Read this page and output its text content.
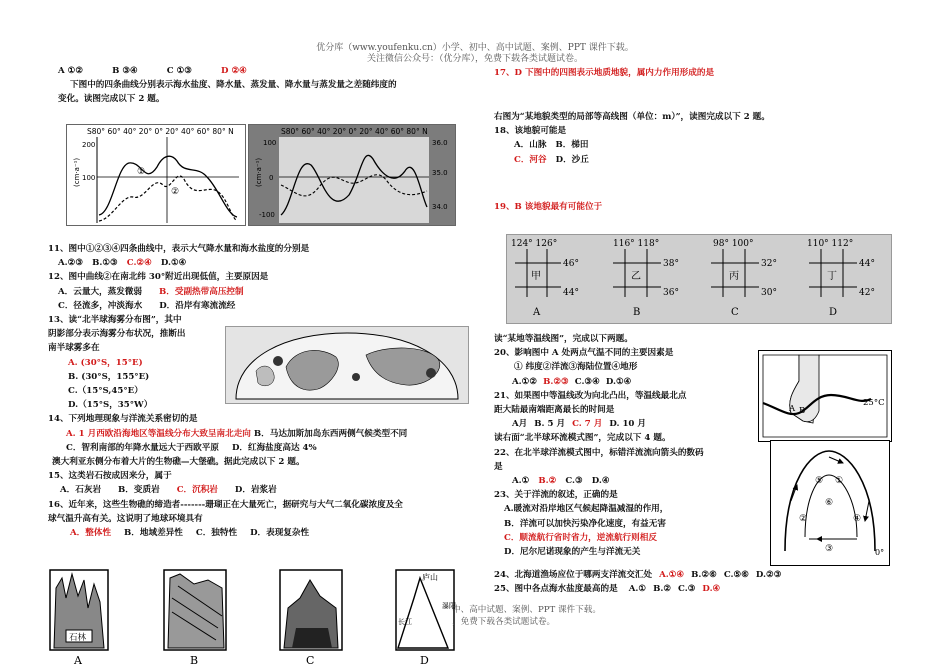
优分库（www.youfenku.cn）小学、初中、高中试题、案例、PPT 课件下载。
关注微信公众号：（优分库），免费下载各类试题试卷。
A ①②	B ③④	C ①③	D ②④
下图中的四条曲线分别表示海水盐度、降水量、蒸发量、降水量与蒸发量之差随纬度的
变化。读图完成以下 2 题。
S80° 60° 40° 20° 0° 20° 40° 60° 80° N
(cm·a⁻¹)
200
100
①
②
S80° 60° 40° 20° 0° 20° 40° 60° 80° N
(cm·a⁻¹)
100
0
-100
36.0
35.0
34.0
11、图中①②③④四条曲线中，表示大气降水量和海水盐度的分别是
A.②③ B.①③ C.②④ D.①④
12、图中曲线②在南北纬 30°附近出现低值，主要原因是
A．云量大，蒸发微弱 B．受副热带高压控制
C．径流多，冲淡海水 D．沿岸有寒流流经
13、读“北半球海雾分布图”，其中
阴影部分表示海雾分布状况，推断出
南半球雾多在
A. (30°S，15°E)
B. (30°S，155°E)
C.（15°S,45°E）
D.（15°S，35°W）
14、下列地理现象与洋流关系密切的是
A. 1 月西欧沿海地区等温线分布大致呈南北走向 B．马达加斯加岛东西两侧气候类型不同
C．智利南部的年降水量远大于西欧平原 D．红海盐度高达 4%
澳大利亚东侧分布着大片的生物礁—大堡礁。据此完成以下 2 题。
15、这类岩石按成因来分，属于
A．石灰岩 B．变质岩 C．沉积岩 D．岩浆岩
16、近年来，这些生物礁的缔造者-------珊瑚正在大量死亡，据研究与大气二氧化碳浓度及全
球气温升高有关。这说明了地球环境具有
A．整体性 B．地域差异性 C．独特性 D．表现复杂性
石林
庐山
瀑阳
长江
A	B	C	D
17、D 下图中的四图表示地质地貌，属内力作用形成的是
右图为“某地貌类型的局部等高线图（单位：m）”，读图完成以下 2 题。
18、该地貌可能是
A．山脉 B．梯田
C．河谷 D．沙丘
19、B 该地貌最有可能位于
124° 126°
46°
44°
甲
A
116° 118°
38°
36°
乙
B
98° 100°
32°
30°
丙
C
110° 112°
44°
42°
丁
D
读“某地等温线图”，完成以下两题。
20、影响图中 A 处两点气温不同的主要因素是
① 纬度②洋流③海陆位置④地形
A.①② B.②③ C.③④ D.①④
21、如果图中等温线改为向北凸出，等温线最北点
距大陆最南端距离最长的时间是
A月 B. 5 月 C. 7 月 D. 10 月
读右面“北半球环流模式图”，完成以下 4 题。
22、在北半球洋流模式图中，标错洋流流向箭头的数码
是
A.① B.② C.③ D.④
23、关于洋流的叙述，正确的是
A.暖流对沿岸地区气候起降温减湿的作用，
B．洋流可以加快污染净化速度，有益无害
C．顺流航行省时省力，逆流航行则相反
D．尼尔尼诺现象的产生与洋流无关
24、北海道渔场应位于哪两支洋流交汇处 A.①④ B.②⑥ C.⑤⑥ D.②③
25、图中各点海水盐度最高的是 A.① B.② C.③ D.④
A B
25°C
⑤ ①
⑥
②	④
③	0°
中、高中试题、案例、PPT 课件下载。
，免费下载各类试题试卷。
